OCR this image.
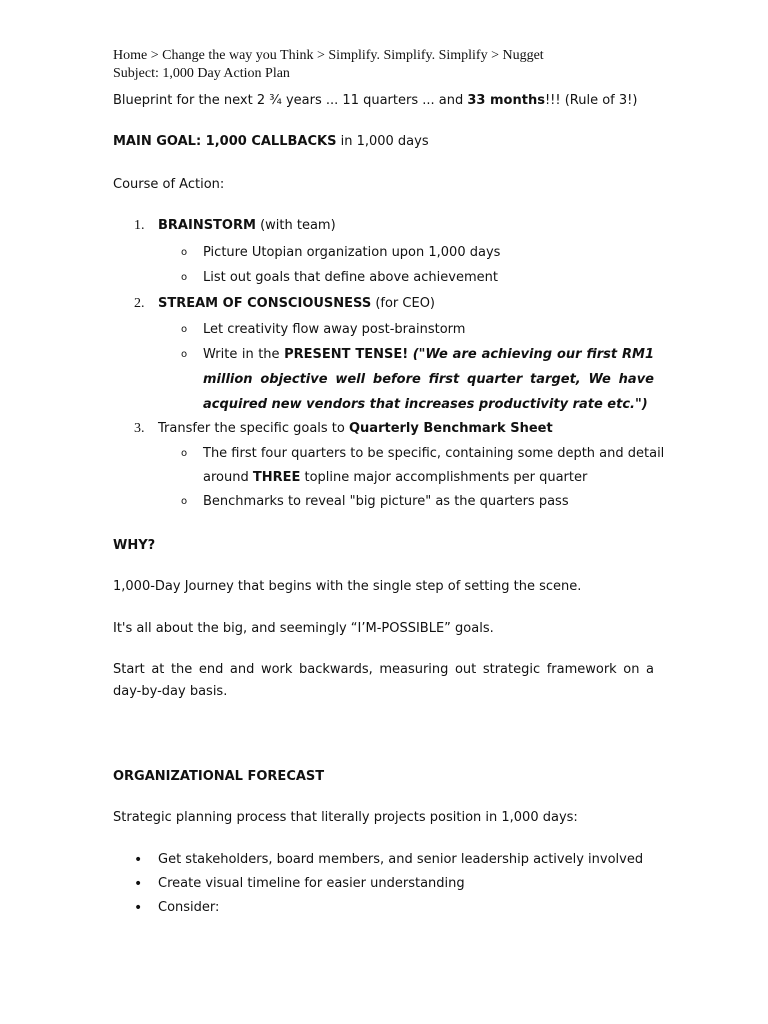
Home > Change the way you Think > Simplify. Simplify. Simplify > Nugget
Subject: 1,000 Day Action Plan
Blueprint for the next 2 ¾ years ... 11 quarters ... and 33 months!!! (Rule of 3!)
MAIN GOAL: 1,000 CALLBACKS in 1,000 days
Course of Action:
1. BRAINSTORM (with team)
o Picture Utopian organization upon 1,000 days
o List out goals that define above achievement
2. STREAM OF CONSCIOUSNESS (for CEO)
o Let creativity flow away post-brainstorm
o Write in the PRESENT TENSE! ("We are achieving our first RM1
million objective well before first quarter target, We have
acquired new vendors that increases productivity rate etc.")
3. Transfer the specific goals to Quarterly Benchmark Sheet
o The first four quarters to be specific, containing some depth and detail
around THREE topline major accomplishments per quarter
o Benchmarks to reveal "big picture" as the quarters pass
WHY?
1,000-Day Journey that begins with the single step of setting the scene.
It's all about the big, and seemingly “I’M-POSSIBLE” goals.
Start at the end and work backwards, measuring out strategic framework on a day-by-day basis.
ORGANIZATIONAL FORECAST
Strategic planning process that literally projects position in 1,000 days:
• Get stakeholders, board members, and senior leadership actively involved
• Create visual timeline for easier understanding
• Consider:
